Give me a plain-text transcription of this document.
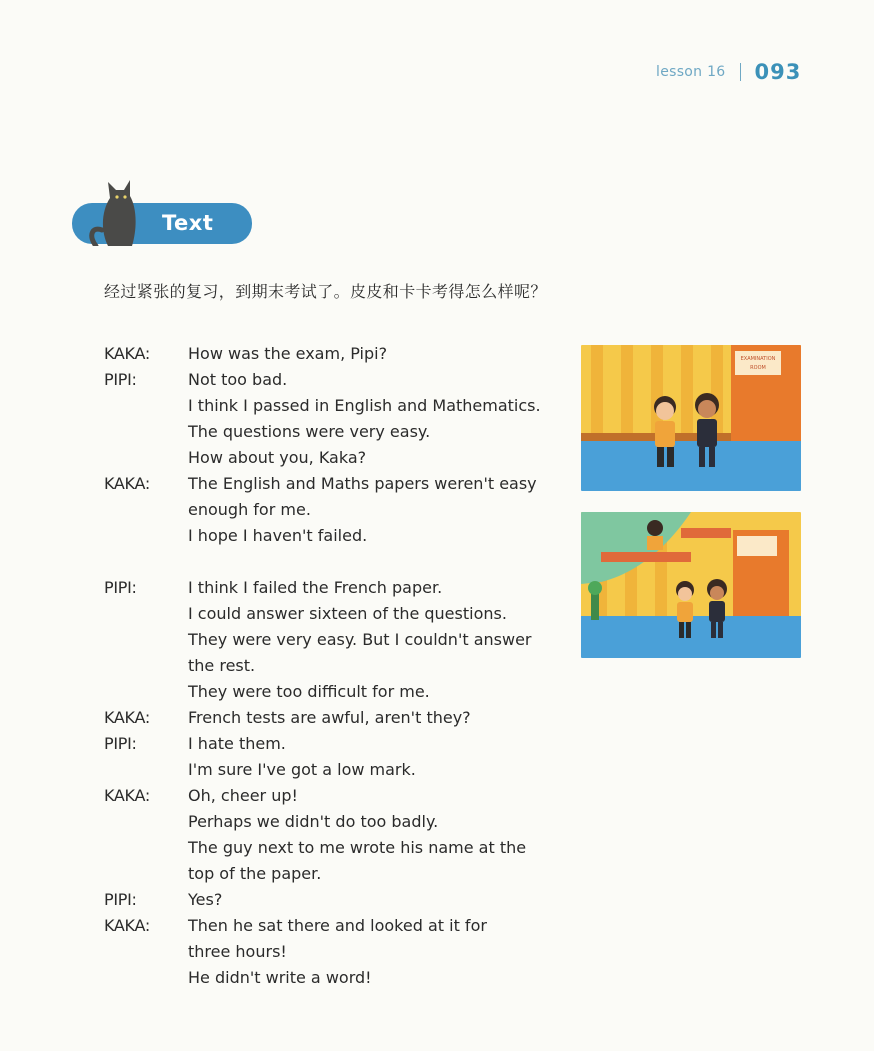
lesson 16 093
Text
经过紧张的复习，到期末考试了。皮皮和卡卡考得怎么样呢？
KAKA:	How was the exam, Pipi?
PIPI:	Not too bad.
I think I passed in English and Mathematics.
The questions were very easy.
How about you, Kaka?
KAKA:	The English and Maths papers weren't easy
enough for me.
I hope I haven't failed.
PIPI:	I think I failed the French paper.
I could answer sixteen of the questions.
They were very easy. But I couldn't answer
the rest.
They were too difficult for me.
KAKA:	French tests are awful, aren't they?
PIPI:	I hate them.
I'm sure I've got a low mark.
KAKA:	Oh, cheer up!
Perhaps we didn't do too badly.
The guy next to me wrote his name at the
top of the paper.
PIPI:	Yes?
KAKA:	Then he sat there and looked at it for
three hours!
He didn't write a word!
EXAMINATION
ROOM
